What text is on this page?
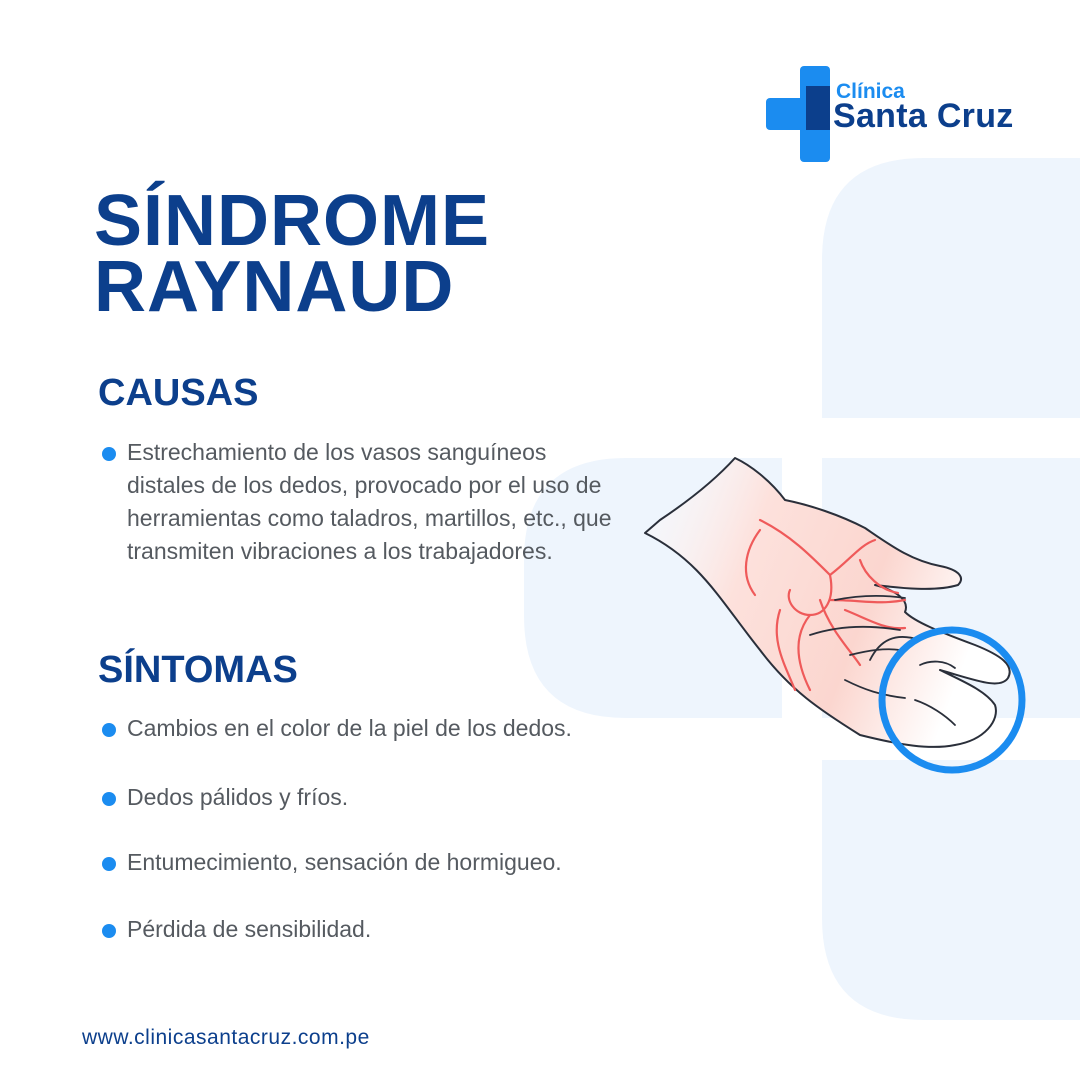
Clínica
Santa Cruz
SÍNDROME
RAYNAUD
CAUSAS
Estrechamiento de los vasos sanguíneos distales de los dedos, provocado por el uso de herramientas como taladros, martillos, etc., que transmiten vibraciones a los trabajadores.
SÍNTOMAS
Cambios en el color de la piel de los dedos.
Dedos pálidos y fríos.
Entumecimiento, sensación de hormigueo.
Pérdida de sensibilidad.
www.clinicasantacruz.com.pe
